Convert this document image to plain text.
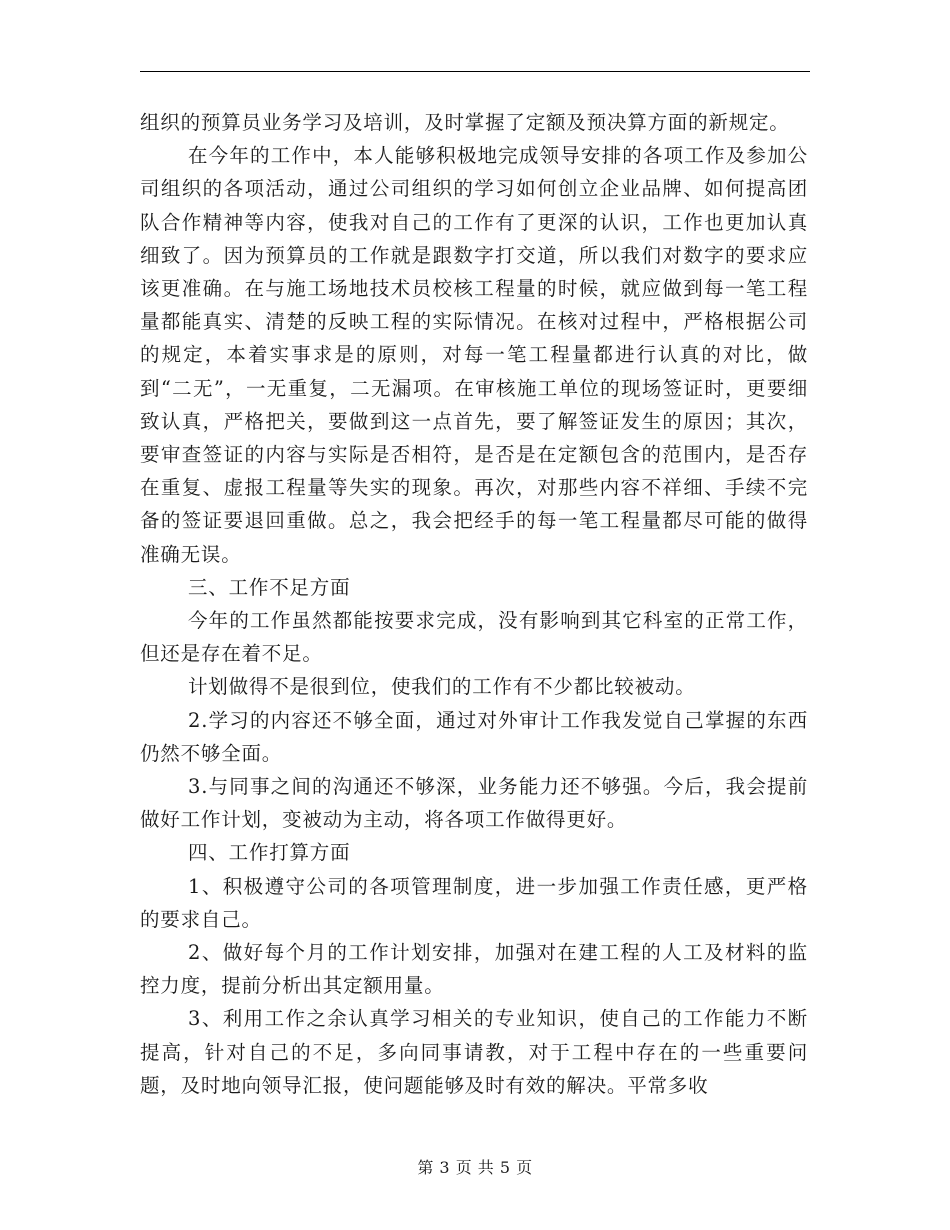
组织的预算员业务学习及培训，及时掌握了定额及预决算方面的新规定。

在今年的工作中，本人能够积极地完成领导安排的各项工作及参加公司组织的各项活动，通过公司组织的学习如何创立企业品牌、如何提高团队合作精神等内容，使我对自己的工作有了更深的认识，工作也更加认真细致了。因为预算员的工作就是跟数字打交道，所以我们对数字的要求应该更准确。在与施工场地技术员校核工程量的时候，就应做到每一笔工程量都能真实、清楚的反映工程的实际情况。在核对过程中，严格根据公司的规定，本着实事求是的原则，对每一笔工程量都进行认真的对比，做到“二无”，一无重复，二无漏项。在审核施工单位的现场签证时，更要细致认真，严格把关，要做到这一点首先，要了解签证发生的原因；其次，要审查签证的内容与实际是否相符，是否是在定额包含的范围内，是否存在重复、虚报工程量等失实的现象。再次，对那些内容不祥细、手续不完备的签证要退回重做。总之，我会把经手的每一笔工程量都尽可能的做得准确无误。

三、工作不足方面

今年的工作虽然都能按要求完成，没有影响到其它科室的正常工作，但还是存在着不足。

计划做得不是很到位，使我们的工作有不少都比较被动。

2.学习的内容还不够全面，通过对外审计工作我发觉自己掌握的东西仍然不够全面。

3.与同事之间的沟通还不够深，业务能力还不够强。今后，我会提前做好工作计划，变被动为主动，将各项工作做得更好。

四、工作打算方面

1、积极遵守公司的各项管理制度，进一步加强工作责任感，更严格的要求自己。

2、做好每个月的工作计划安排，加强对在建工程的人工及材料的监控力度，提前分析出其定额用量。

3、利用工作之余认真学习相关的专业知识，使自己的工作能力不断提高，针对自己的不足，多向同事请教，对于工程中存在的一些重要问题，及时地向领导汇报，使问题能够及时有效的解决。平常多收

第 3 页 共 5 页
